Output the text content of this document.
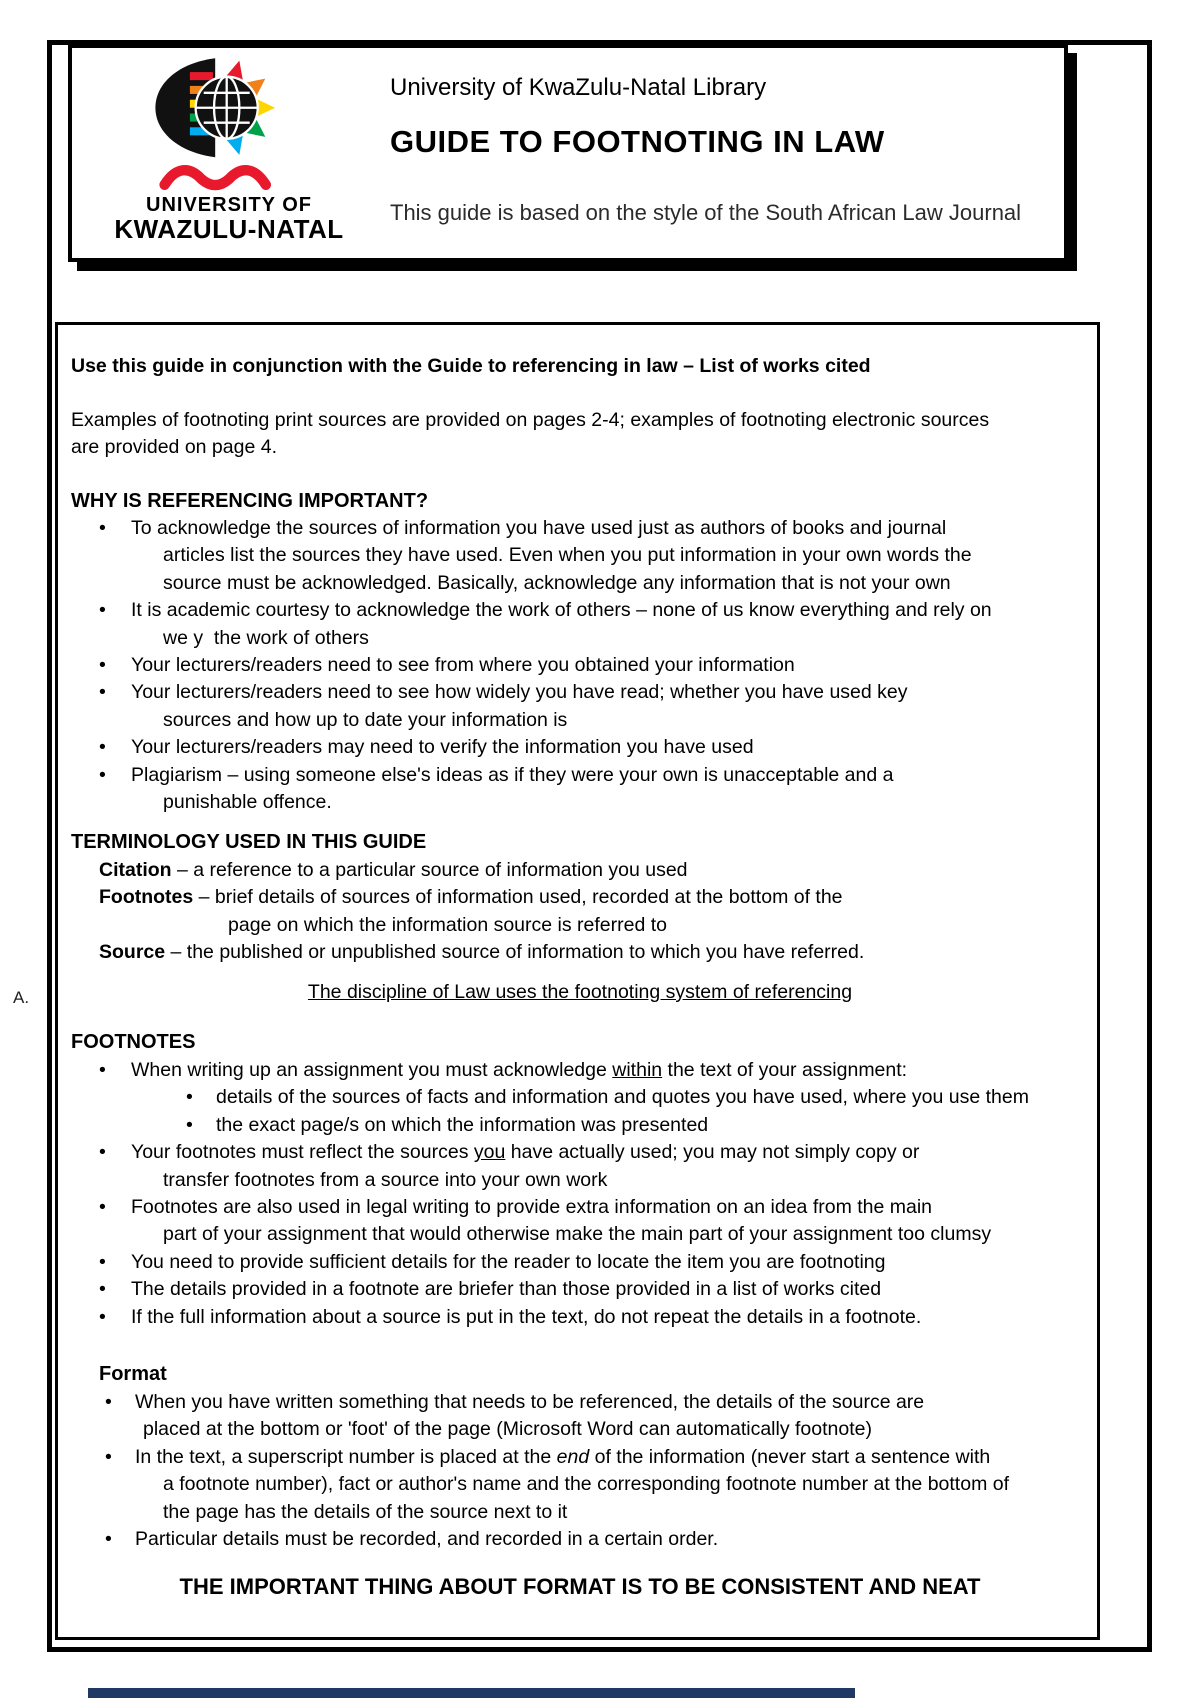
UNIVERSITY OF
KWAZULU-NATAL
University of KwaZulu-Natal Library
GUIDE TO FOOTNOTING IN LAW
This guide is based on the style of the South African Law Journal
A.
Use this guide in conjunction with the Guide to referencing in law – List of works cited
Examples of footnoting print sources are provided on pages 2-4; examples of footnoting electronic sources
are provided on page 4.
WHY IS REFERENCING IMPORTANT?
• To acknowledge the sources of information you have used just as authors of books and journal
articles list the sources they have used. Even when you put information in your own words the
source must be acknowledged. Basically, acknowledge any information that is not your own
• It is academic courtesy to acknowledge the work of others – none of us know everything and rely on
we y  the work of others
• Your lecturers/readers need to see from where you obtained your information
• Your lecturers/readers need to see how widely you have read; whether you have used key
sources and how up to date your information is
• Your lecturers/readers may need to verify the information you have used
• Plagiarism – using someone else's ideas as if they were your own is unacceptable and a
punishable offence.
TERMINOLOGY USED IN THIS GUIDE
Citation – a reference to a particular source of information you used
Footnotes – brief details of sources of information used, recorded at the bottom of the
page on which the information source is referred to
Source – the published or unpublished source of information to which you have referred.
The discipline of Law uses the footnoting system of referencing
FOOTNOTES
• When writing up an assignment you must acknowledge within the text of your assignment:
• details of the sources of facts and information and quotes you have used, where you use them
• the exact page/s on which the information was presented
• Your footnotes must reflect the sources you have actually used; you may not simply copy or
transfer footnotes from a source into your own work
• Footnotes are also used in legal writing to provide extra information on an idea from the main
part of your assignment that would otherwise make the main part of your assignment too clumsy
• You need to provide sufficient details for the reader to locate the item you are footnoting
• The details provided in a footnote are briefer than those provided in a list of works cited
• If the full information about a source is put in the text, do not repeat the details in a footnote.
Format
• When you have written something that needs to be referenced, the details of the source are
placed at the bottom or 'foot' of the page (Microsoft Word can automatically footnote)
• In the text, a superscript number is placed at the end of the information (never start a sentence with
a footnote number), fact or author's name and the corresponding footnote number at the bottom of
the page has the details of the source next to it
• Particular details must be recorded, and recorded in a certain order.
THE IMPORTANT THING ABOUT FORMAT IS TO BE CONSISTENT AND NEAT
